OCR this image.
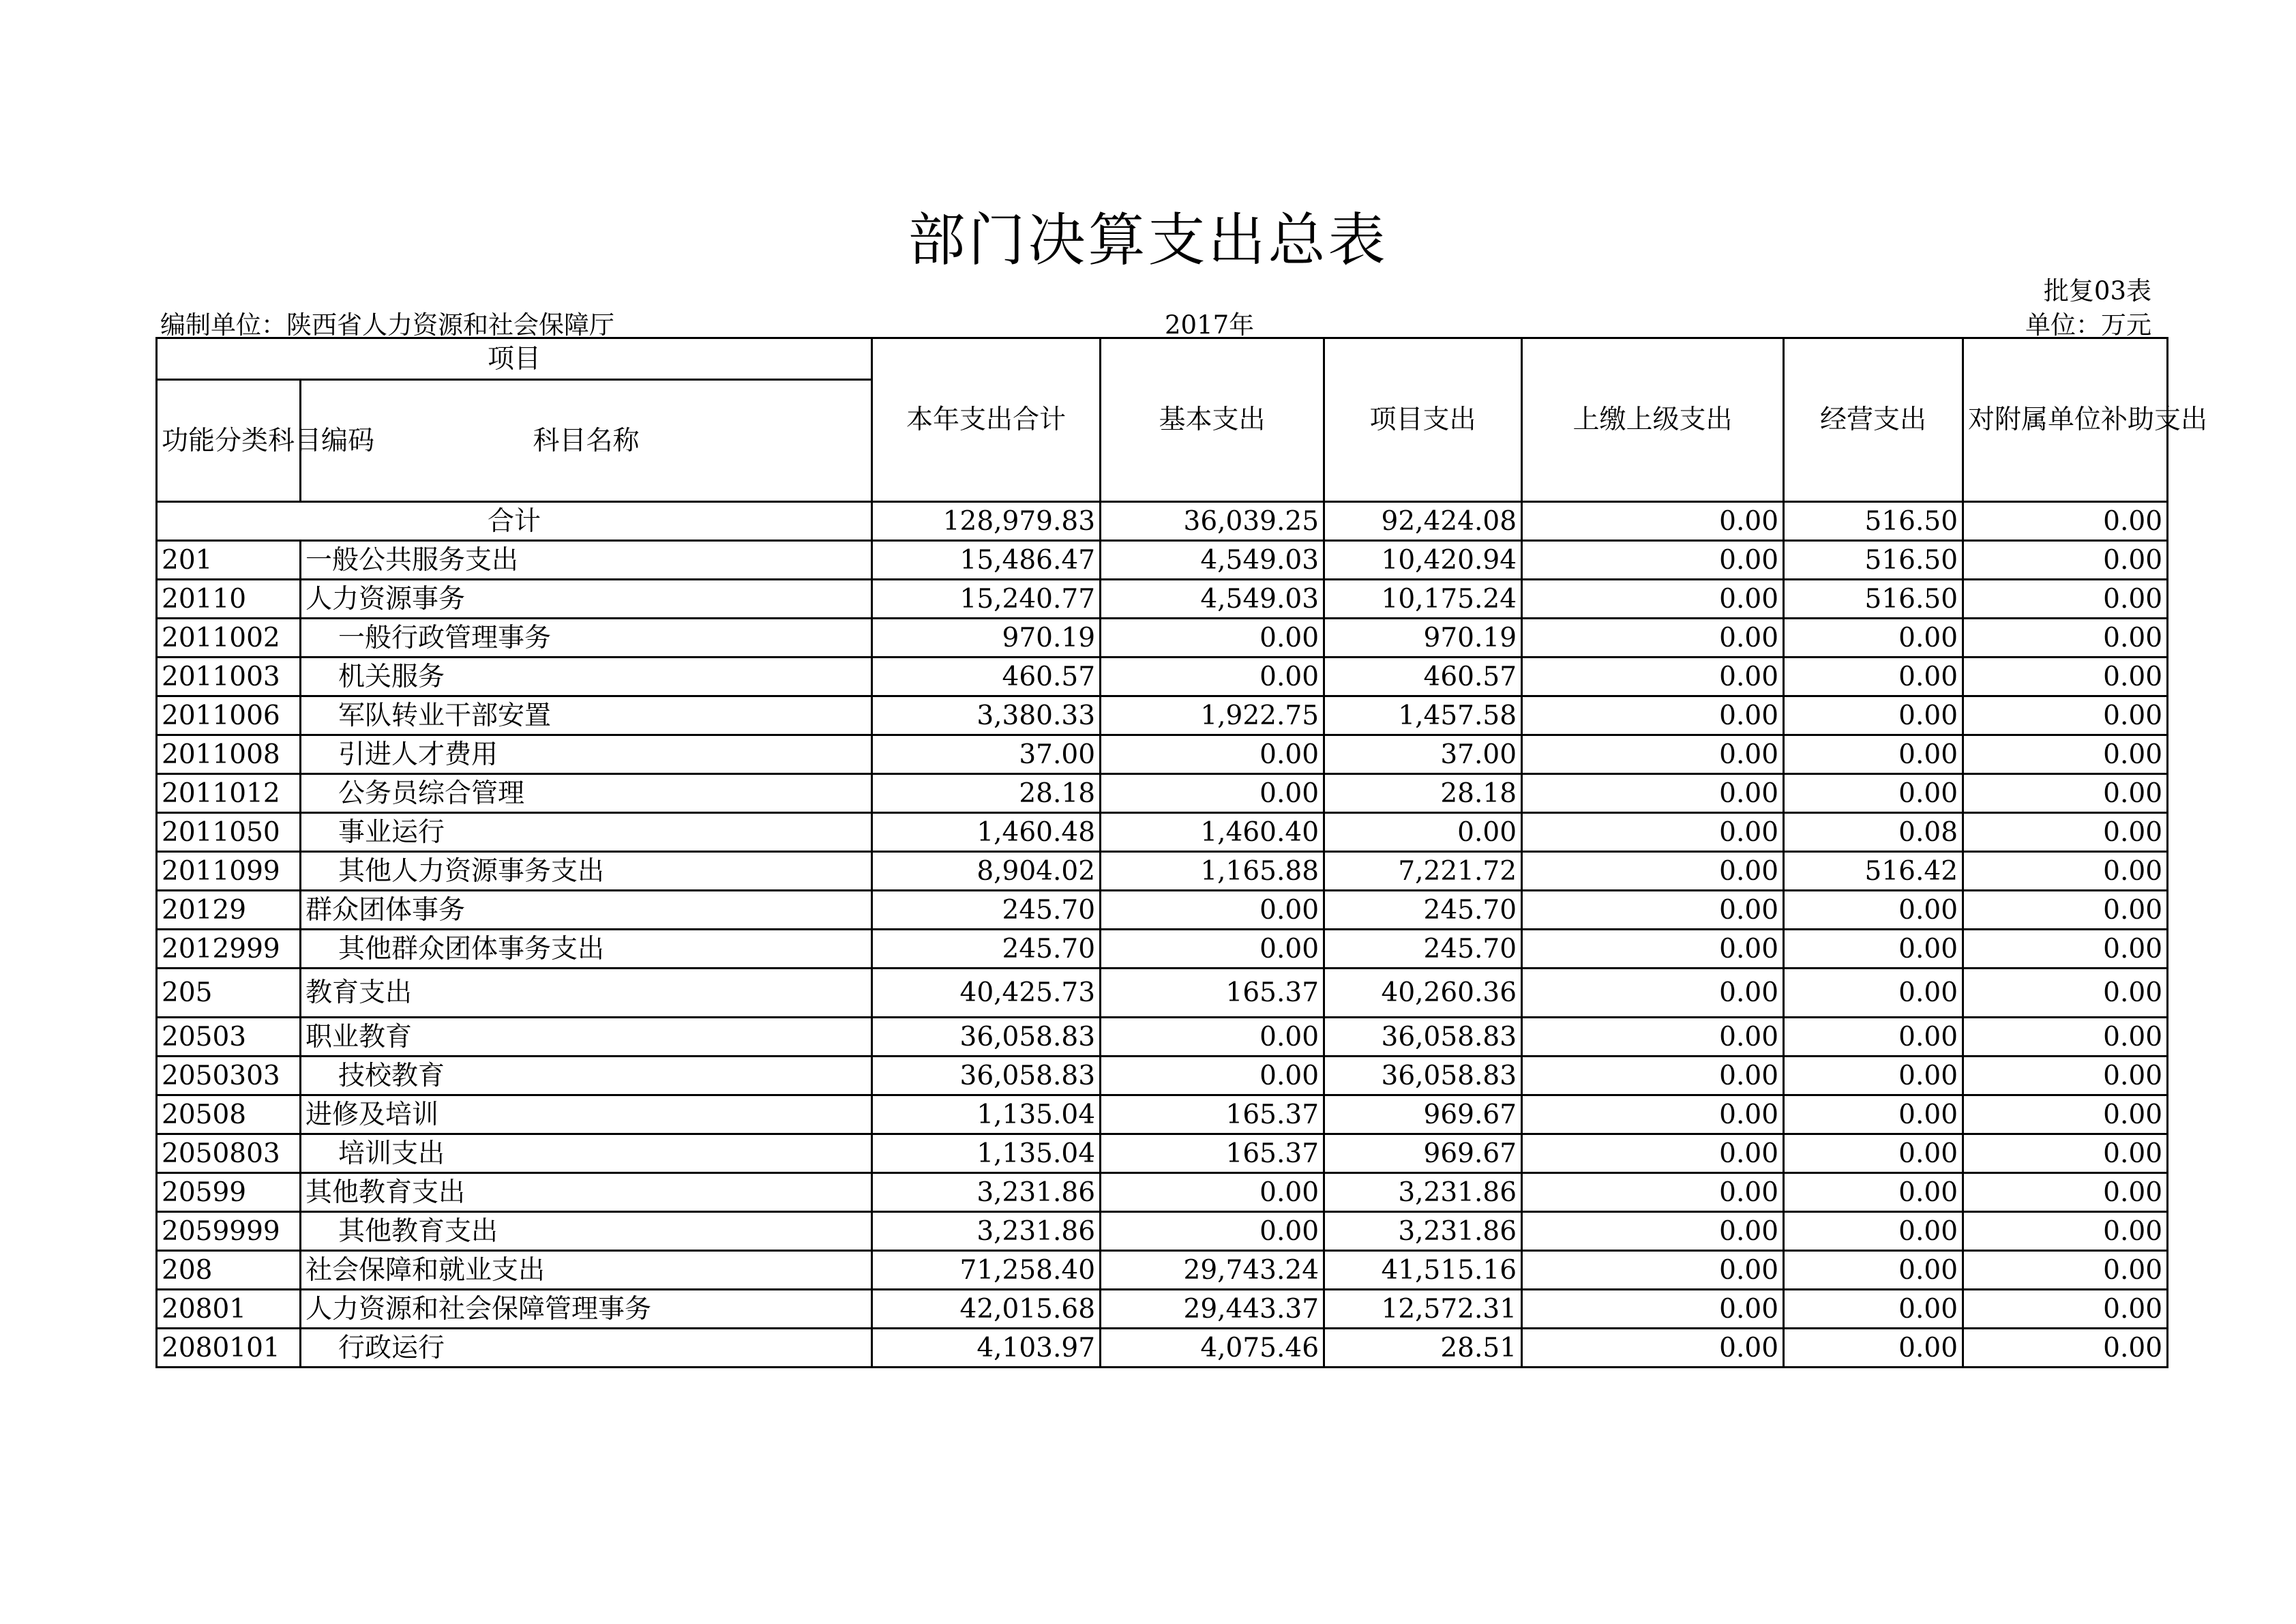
部门决算支出总表
批复03表
编制单位：陕西省人力资源和社会保障厅	2017年	单位：万元
项目		本年支出合计	基本支出	项目支出	上缴上级支出	经营支出	对附属单位补助支出
功能分类科目编码	科目名称						
合计		128,979.83	36,039.25	92,424.08	0.00	516.50	0.00
201	一般公共服务支出	15,486.47	4,549.03	10,420.94	0.00	516.50	0.00
20110	人力资源事务	15,240.77	4,549.03	10,175.24	0.00	516.50	0.00
2011002	一般行政管理事务	970.19	0.00	970.19	0.00	0.00	0.00
2011003	机关服务	460.57	0.00	460.57	0.00	0.00	0.00
2011006	军队转业干部安置	3,380.33	1,922.75	1,457.58	0.00	0.00	0.00
2011008	引进人才费用	37.00	0.00	37.00	0.00	0.00	0.00
2011012	公务员综合管理	28.18	0.00	28.18	0.00	0.00	0.00
2011050	事业运行	1,460.48	1,460.40	0.00	0.00	0.08	0.00
2011099	其他人力资源事务支出	8,904.02	1,165.88	7,221.72	0.00	516.42	0.00
20129	群众团体事务	245.70	0.00	245.70	0.00	0.00	0.00
2012999	其他群众团体事务支出	245.70	0.00	245.70	0.00	0.00	0.00
205	教育支出	40,425.73	165.37	40,260.36	0.00	0.00	0.00
20503	职业教育	36,058.83	0.00	36,058.83	0.00	0.00	0.00
2050303	技校教育	36,058.83	0.00	36,058.83	0.00	0.00	0.00
20508	进修及培训	1,135.04	165.37	969.67	0.00	0.00	0.00
2050803	培训支出	1,135.04	165.37	969.67	0.00	0.00	0.00
20599	其他教育支出	3,231.86	0.00	3,231.86	0.00	0.00	0.00
2059999	其他教育支出	3,231.86	0.00	3,231.86	0.00	0.00	0.00
208	社会保障和就业支出	71,258.40	29,743.24	41,515.16	0.00	0.00	0.00
20801	人力资源和社会保障管理事务	42,015.68	29,443.37	12,572.31	0.00	0.00	0.00
2080101	行政运行	4,103.97	4,075.46	28.51	0.00	0.00	0.00
